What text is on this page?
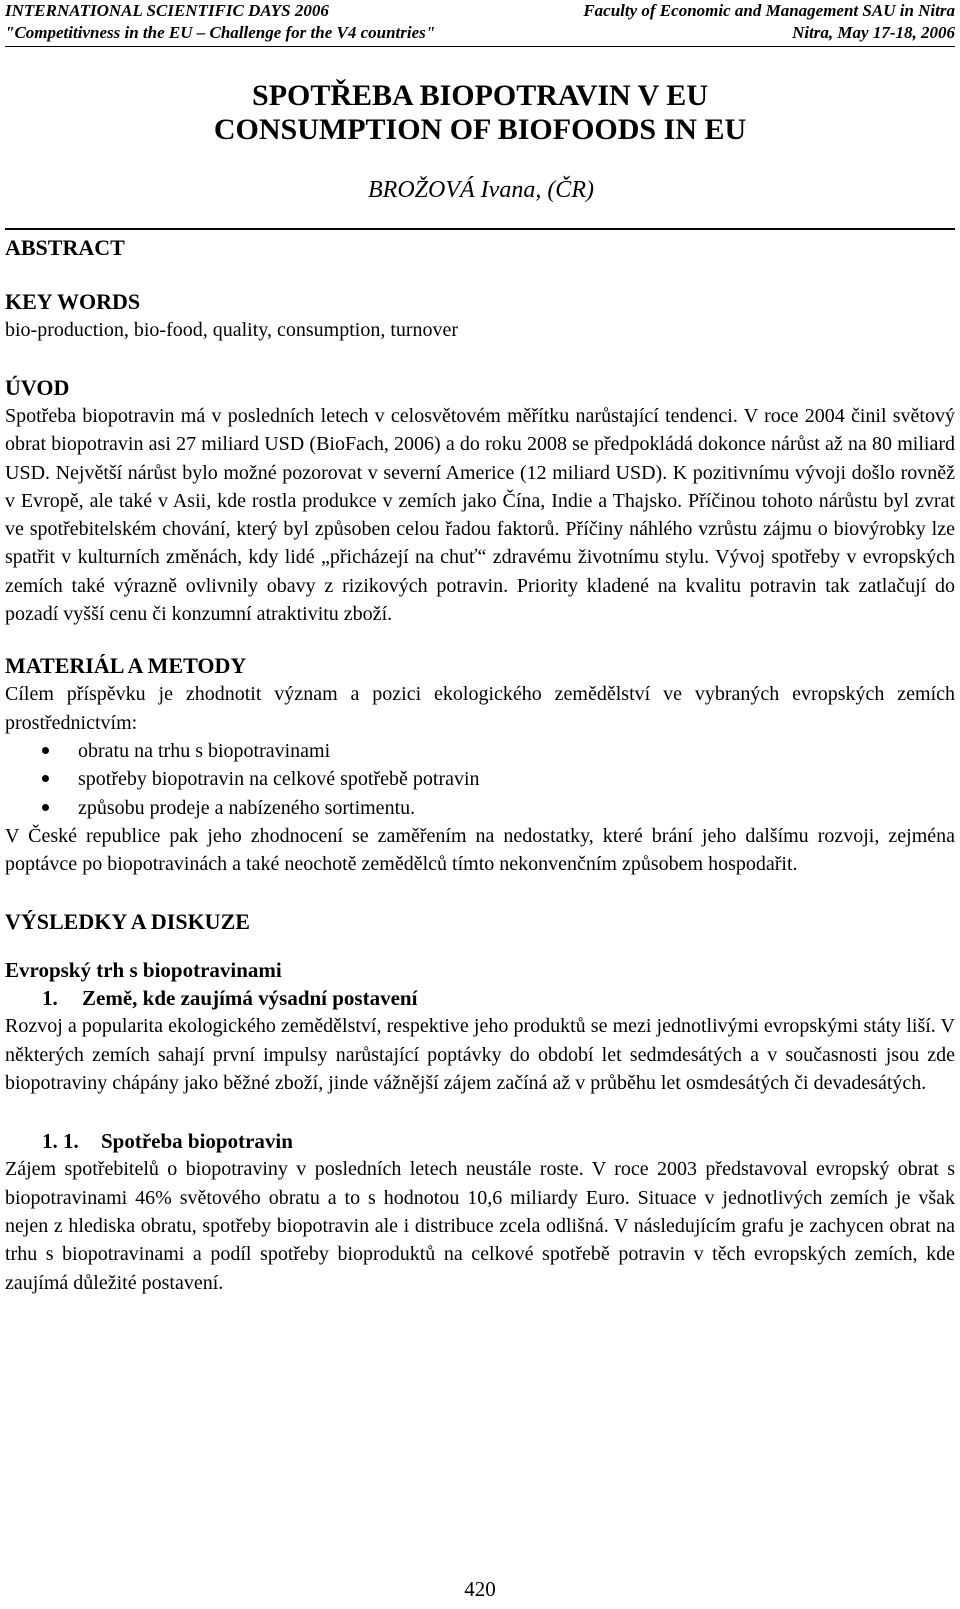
INTERNATIONAL SCIENTIFIC DAYS 2006	Faculty of Economic and Management SAU in Nitra
"Competitivness in the EU – Challenge for the V4 countries"	Nitra, May 17-18, 2006
SPOTŘEBA BIOPOTRAVIN V EU
CONSUMPTION OF BIOFOODS IN EU
BROŽOVÁ Ivana, (ČR)
ABSTRACT
KEY WORDS
bio-production, bio-food, quality, consumption, turnover
ÚVOD
Spotřeba biopotravin má v posledních letech v celosvětovém měřítku narůstající tendenci. V roce 2004 činil světový obrat biopotravin asi 27 miliard USD (BioFach, 2006) a do roku 2008 se předpokládá dokonce nárůst až na 80 miliard USD. Největší nárůst bylo možné pozorovat v severní Americe (12 miliard USD). K pozitivnímu vývoji došlo rovněž v Evropě, ale také v Asii, kde rostla produkce v zemích jako Čína, Indie a Thajsko. Příčinou tohoto nárůstu byl zvrat ve spotřebitelském chování, který byl způsoben celou řadou faktorů. Příčiny náhlého vzrůstu zájmu o biovýrobky lze spatřit v kulturních změnách, kdy lidé „přicházejí na chuť“ zdravému životnímu stylu. Vývoj spotřeby v evropských zemích také výrazně ovlivnily obavy z rizikových potravin. Priority kladené na kvalitu potravin tak zatlačují do pozadí vyšší cenu či konzumní atraktivitu zboží.
MATERIÁL A METODY
Cílem příspěvku je zhodnotit význam a pozici ekologického zemědělství ve vybraných evropských zemích prostřednictvím:
obratu na trhu s biopotravinami
spotřeby biopotravin na celkové spotřebě potravin
způsobu prodeje a nabízeného sortimentu.
V České republice pak jeho zhodnocení se zaměřením na nedostatky, které brání jeho dalšímu rozvoji, zejména poptávce po biopotravinách a také neochotě zemědělců tímto nekonvenčním způsobem hospodařit.
VÝSLEDKY A DISKUZE
Evropský trh s biopotravinami
1. Země, kde zaujímá výsadní postavení
Rozvoj a popularita ekologického zemědělství, respektive jeho produktů se mezi jednotlivými evropskými státy liší. V některých zemích sahají první impulsy narůstající poptávky do období let sedmdesátých a v současnosti jsou zde biopotraviny chápány jako běžné zboží, jinde vážnější zájem začíná až v průběhu let osmdesátých či devadesátých.
1. 1. Spotřeba biopotravin
Zájem spotřebitelů o biopotraviny v posledních letech neustále roste. V roce 2003 představoval evropský obrat s biopotravinami 46% světového obratu a to s hodnotou 10,6 miliardy Euro. Situace v jednotlivých zemích je však nejen z hlediska obratu, spotřeby biopotravin ale i distribuce zcela odlišná. V následujícím grafu je zachycen obrat na trhu s biopotravinami a podíl spotřeby bioproduktů na celkové spotřebě potravin v těch evropských zemích, kde zaujímá důležité postavení.
420
